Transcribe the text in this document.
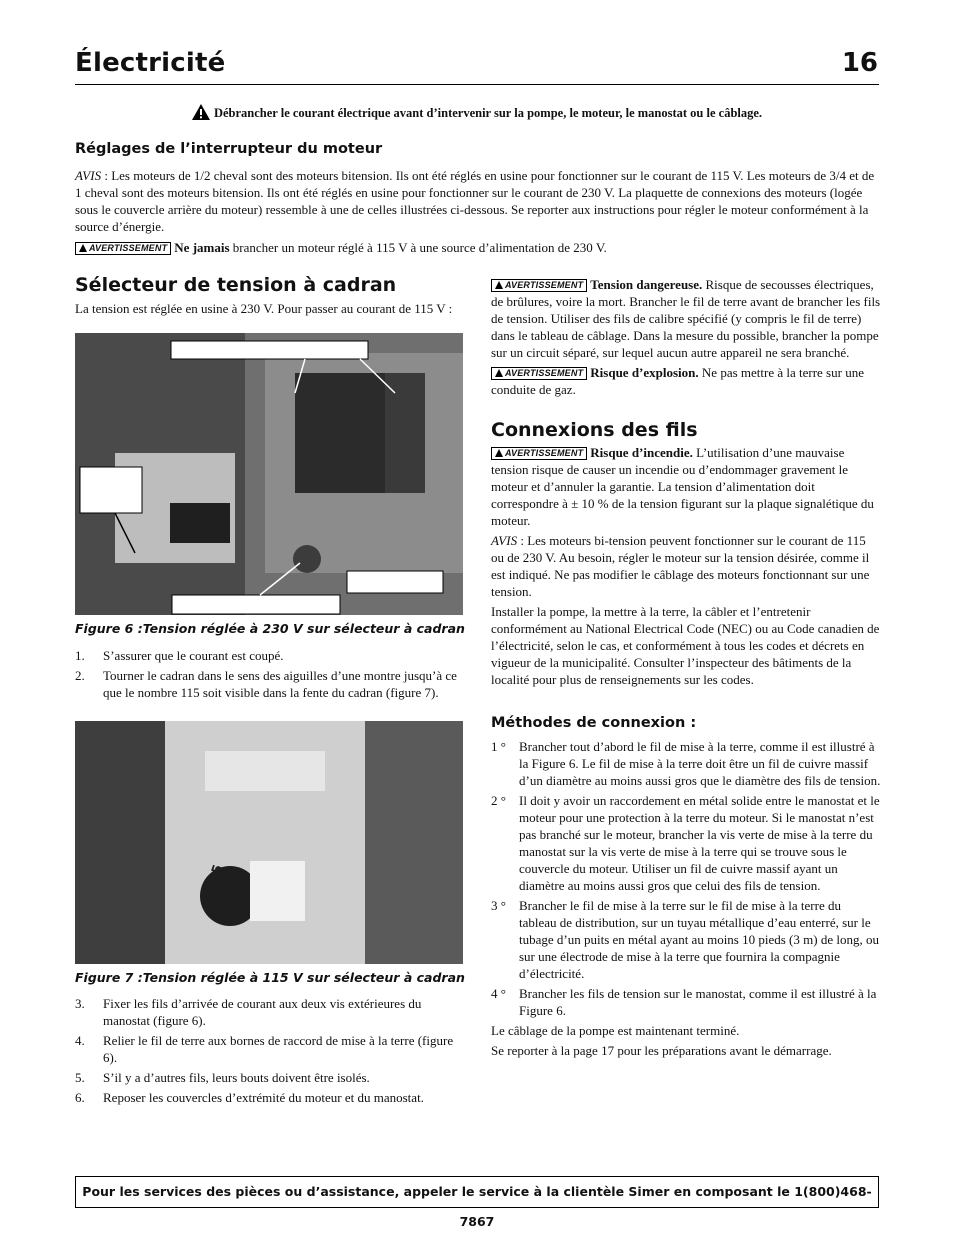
Électricité	16
Débrancher le courant électrique avant d’intervenir sur la pompe, le moteur, le manostat ou le câblage.
Réglages de l’interrupteur du moteur

AVIS : Les moteurs de 1/2 cheval sont des moteurs bitension. Ils ont été réglés en usine pour fonctionner sur le courant de 115 V. Les moteurs de 3/4 et de 1 cheval sont des moteurs bitension. Ils ont été réglés en usine pour fonctionner sur le courant de 230 V. La plaquette de connexions des moteurs (logée sous le couvercle arrière du moteur) ressemble à une de celles illustrées ci-dessous. Se reporter aux instructions pour régler le moteur conformément à la source d’énergie.

AVERTISSEMENT Ne jamais brancher un moteur réglé à 115 V à une source d’alimentation de 230 V.

Sélecteur de tension à cadran

La tension est réglée en usine à 230 V. Pour passer au courant de 115 V :

Figure 6 :Tension réglée à 230 V sur sélecteur à cadran
1. S’assurer que le courant est coupé.
2. Tourner le cadran dans le sens des aiguilles d’une montre jusqu’à ce que le nombre 115 soit visible dans la fente du cadran (figure 7).
115
Figure 7 :Tension réglée à 115 V sur sélecteur à cadran
3. Fixer les fils d’arrivée de courant aux deux vis extérieures du manostat (figure 6).
4. Relier le fil de terre aux bornes de raccord de mise à la terre (figure 6).
5. S’il y a d’autres fils, leurs bouts doivent être isolés.
6. Reposer les couvercles d’extrémité du moteur et du manostat.

AVERTISSEMENT Tension dangereuse. Risque de secousses électriques, de brûlures, voire la mort. Brancher le fil de terre avant de brancher les fils de tension. Utiliser des fils de calibre spécifié (y compris le fil de terre) dans le tableau de câblage. Dans la mesure du possible, brancher la pompe sur un circuit séparé, sur lequel aucun autre appareil ne sera branché.

AVERTISSEMENT Risque d’explosion. Ne pas mettre à la terre sur une conduite de gaz.

Connexions des fils

AVERTISSEMENT Risque d’incendie. L’utilisation d’une mauvaise tension risque de causer un incendie ou d’endommager gravement le moteur et d’annuler la garantie. La tension d’alimentation doit correspondre à ± 10 % de la tension figurant sur la plaque signalétique du moteur.

AVIS : Les moteurs bi-tension peuvent fonctionner sur le courant de 115 ou de 230 V. Au besoin, régler le moteur sur la tension désirée, comme il est indiqué. Ne pas modifier le câblage des moteurs fonctionnant sur une tension.

Installer la pompe, la mettre à la terre, la câbler et l’entretenir conformément au National Electrical Code (NEC) ou au Code canadien de l’électricité, selon le cas, et conformément à tous les codes et décrets en vigueur de la municipalité. Consulter l’inspecteur des bâtiments de la localité pour plus de renseignements sur les codes.

Méthodes de connexion :
1 ° Brancher tout d’abord le fil de mise à la terre, comme il est illustré à la Figure 6. Le fil de mise à la terre doit être un fil de cuivre massif d’un diamètre au moins aussi gros que le diamètre des fils de tension.
2 ° Il doit y avoir un raccordement en métal solide entre le manostat et le moteur pour une protection à la terre du moteur. Si le manostat n’est pas branché sur le moteur, brancher la vis verte de mise à la terre du manostat sur la vis verte de mise à la terre qui se trouve sous le couvercle du moteur. Utiliser un fil de cuivre massif ayant un diamètre au moins aussi gros que celui des fils de tension.
3 ° Brancher le fil de mise à la terre sur le fil de mise à la terre du tableau de distribution, sur un tuyau métallique d’eau enterré, sur le tubage d’un puits en métal ayant au moins 10 pieds (3 m) de long, ou sur une électrode de mise à la terre que fournira la compagnie d’électricité.
4 ° Brancher les fils de tension sur le manostat, comme il est illustré à la Figure 6.

Le câblage de la pompe est maintenant terminé.

Se reporter à la page 17 pour les préparations avant le démarrage.

Pour les services des pièces ou d’assistance, appeler le service à la clientèle Simer en composant le 1(800)468-7867
